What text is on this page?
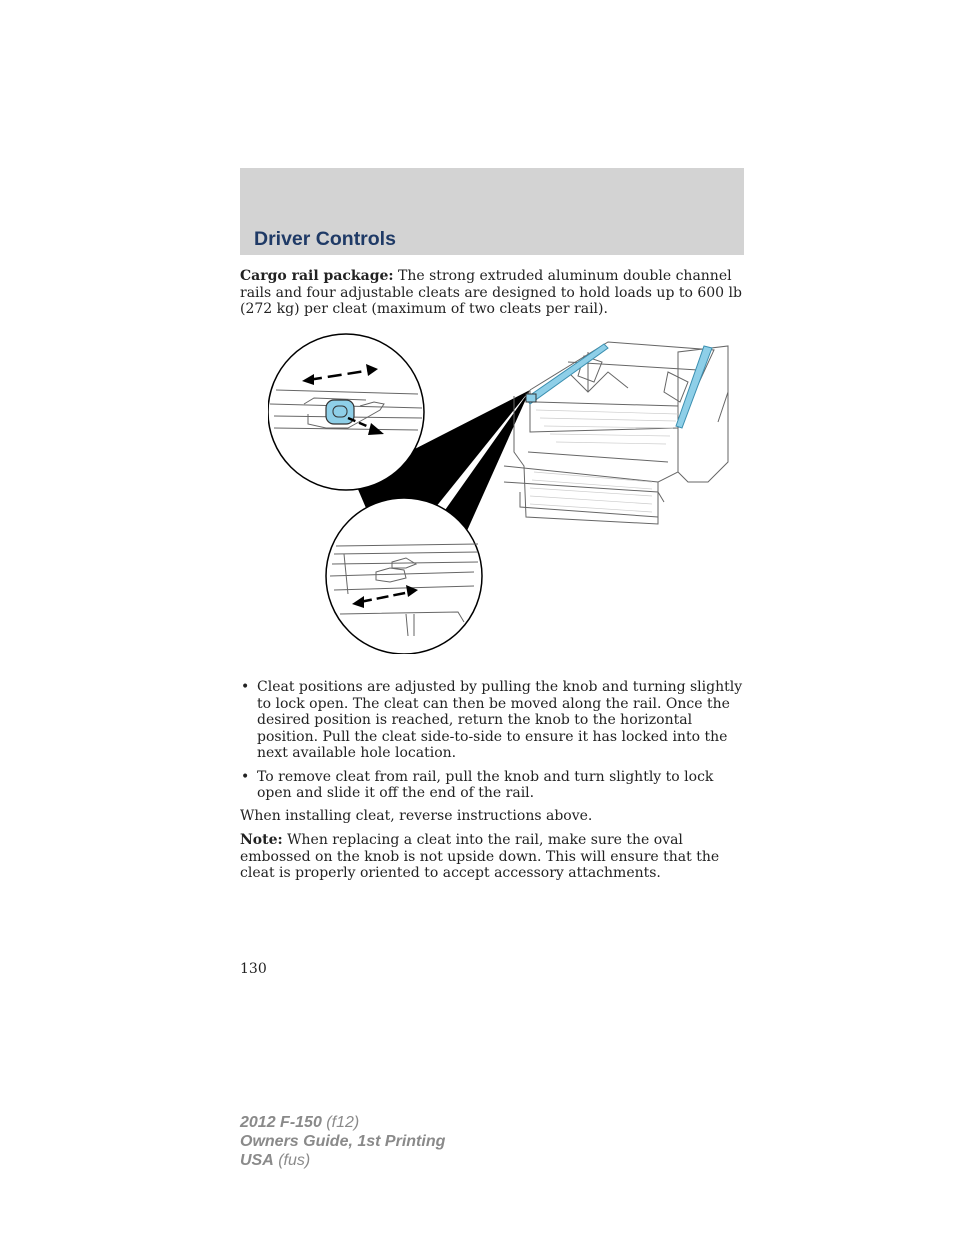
Driver Controls

Cargo rail package: The strong extruded aluminum double channel rails and four adjustable cleats are designed to hold loads up to 600 lb (272 kg) per cleat (maximum of two cleats per rail).

• Cleat positions are adjusted by pulling the knob and turning slightly to lock open. The cleat can then be moved along the rail. Once the desired position is reached, return the knob to the horizontal position. Pull the cleat side-to-side to ensure it has locked into the next available hole location.
• To remove cleat from rail, pull the knob and turn slightly to lock open and slide it off the end of the rail.

When installing cleat, reverse instructions above.

Note: When replacing a cleat into the rail, make sure the oval embossed on the knob is not upside down. This will ensure that the cleat is properly oriented to accept accessory attachments.

130

2012 F-150 (f12)
Owners Guide, 1st Printing
USA (fus)
